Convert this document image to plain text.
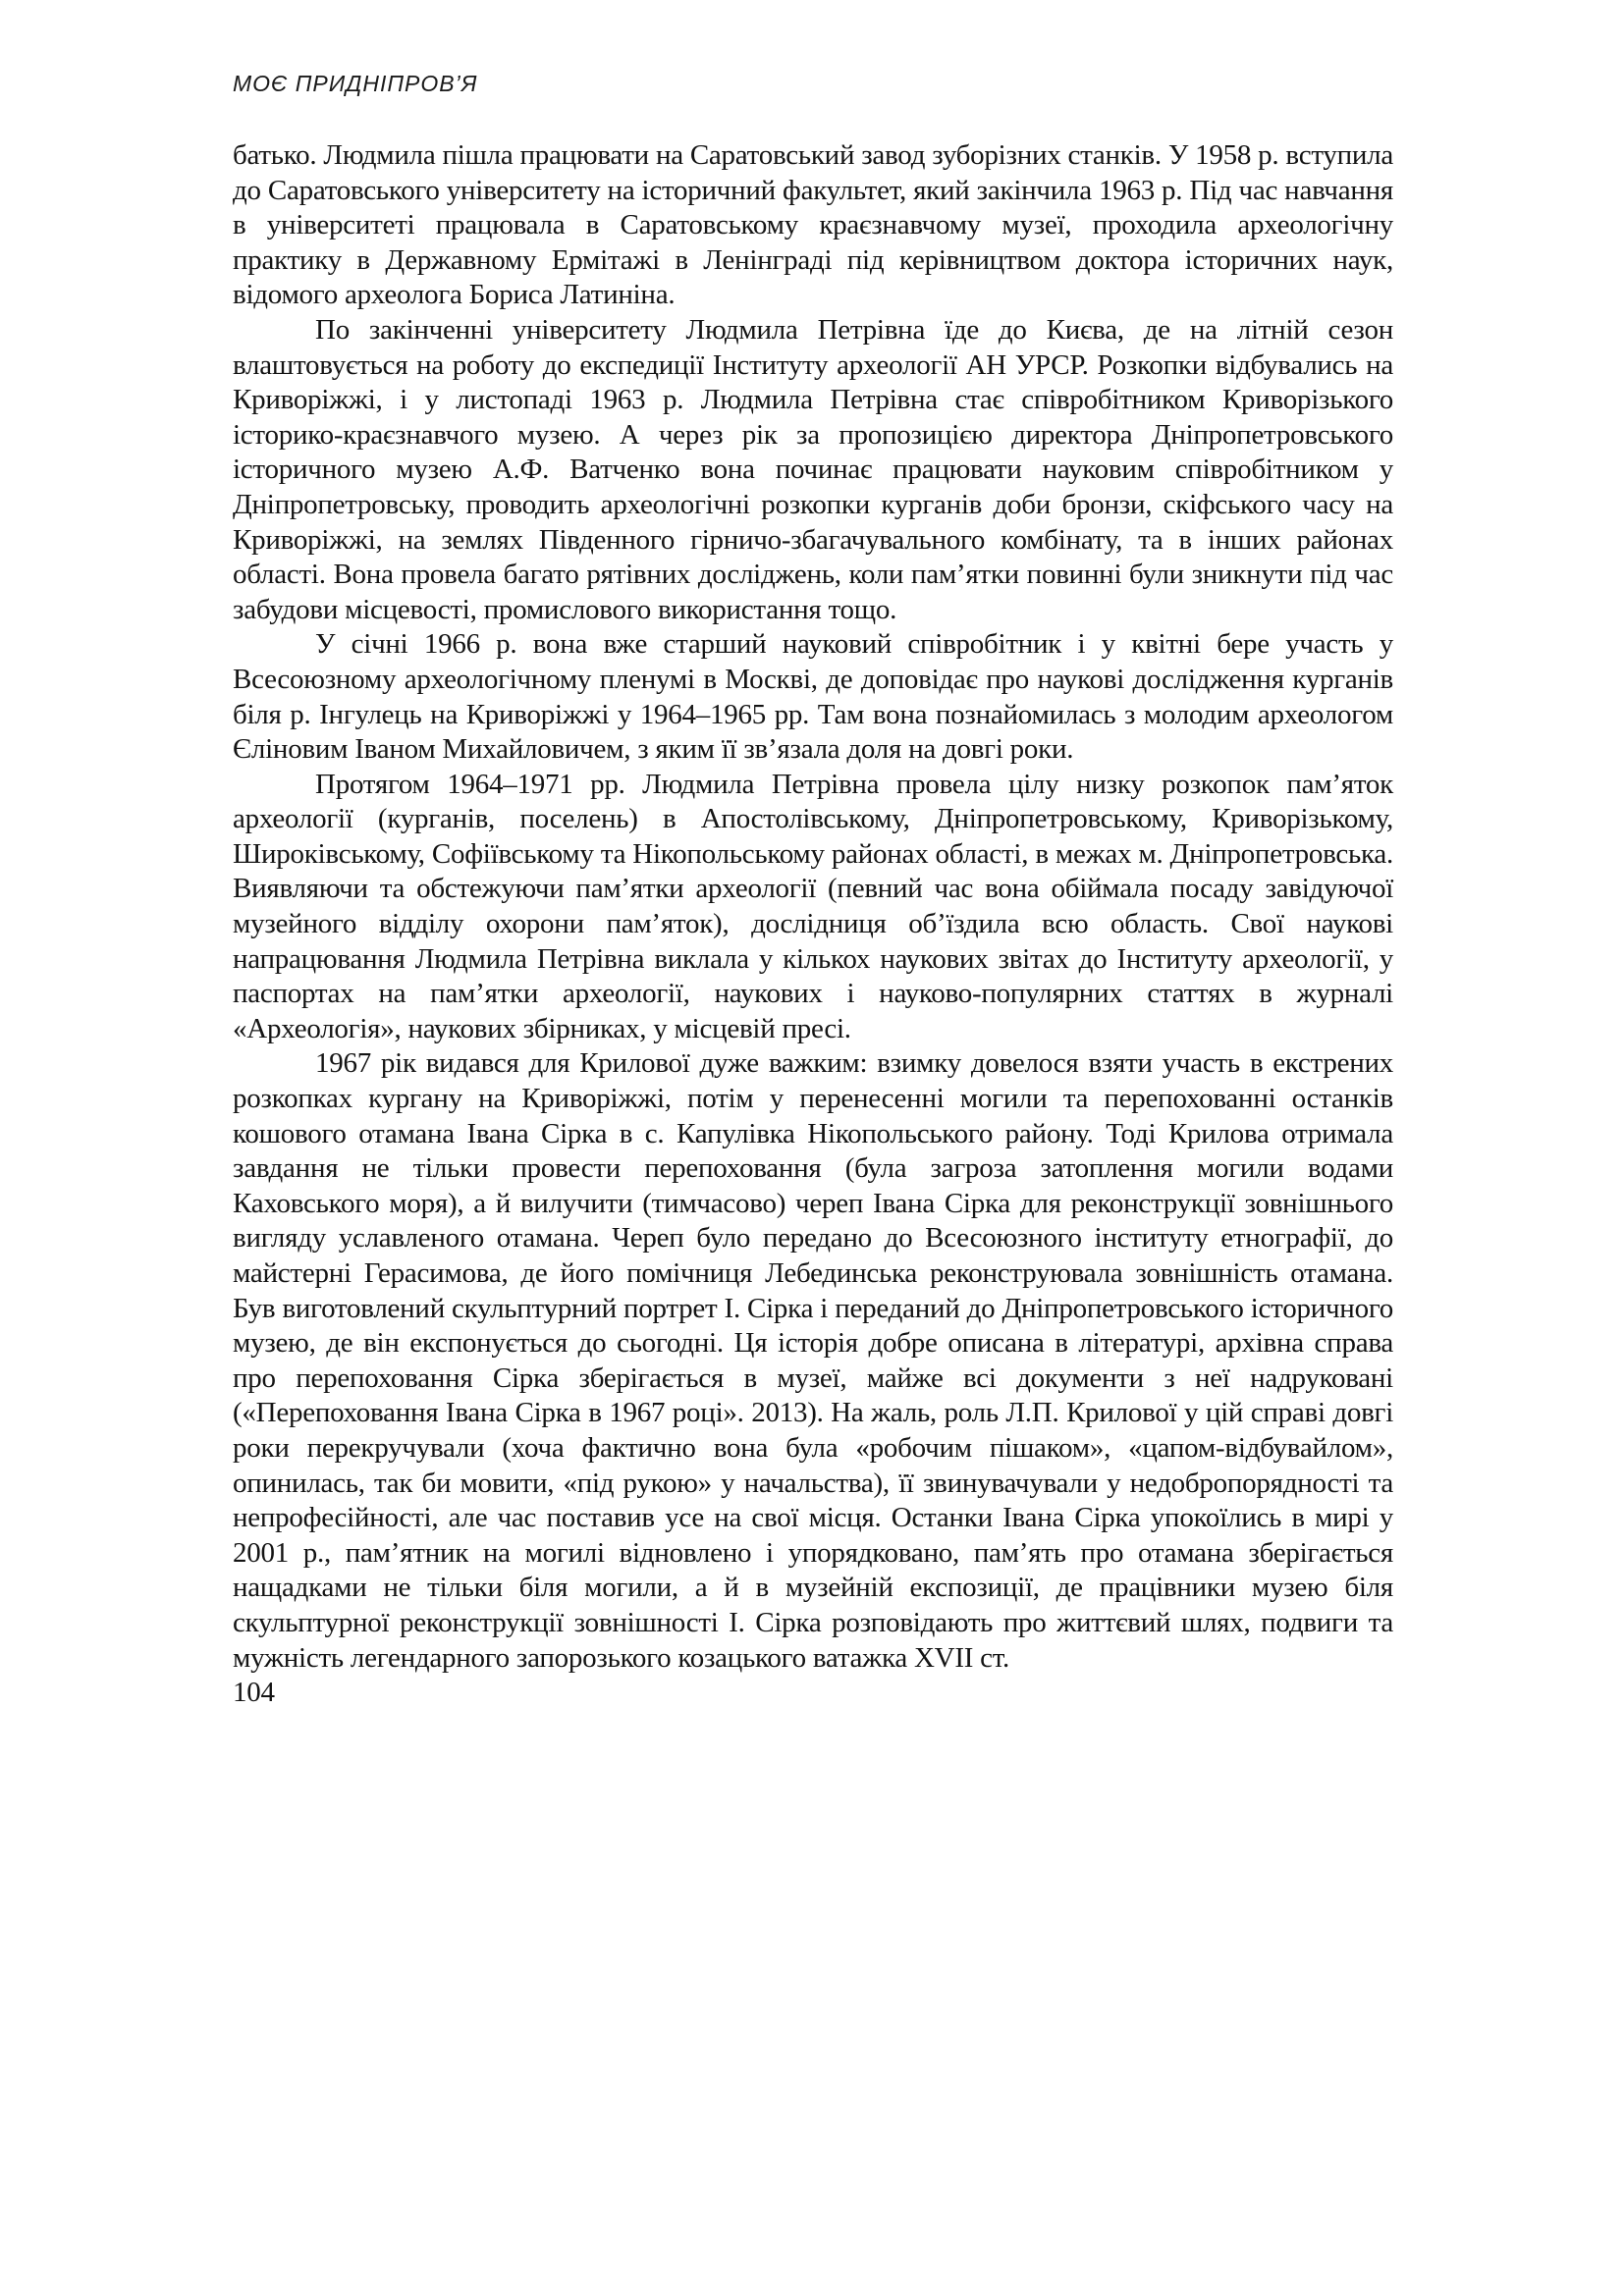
МОЄ ПРИДНІПРОВ’Я

батько. Людмила пішла працювати на Саратовський завод зуборізних станків. У 1958 р. вступила до Саратовського університету на історичний факультет, який закінчила 1963 р. Під час навчання в університеті працювала в Саратовському краєзнавчому музеї, проходила археологічну практику в Державному Ермітажі в Ленінграді під керівництвом доктора історичних наук, відомого археолога Бориса Латиніна.

По закінченні університету Людмила Петрівна їде до Києва, де на літній сезон влаштовується на роботу до експедиції Інституту археології АН УРСР. Розкопки відбувались на Криворіжжі, і у листопаді 1963 р. Людмила Петрівна стає співробітником Криворізького історико-краєзнавчого музею. А через рік за пропозицією директора Дніпропетровського історичного музею А.Ф. Ватченко вона починає працювати науковим співробітником у Дніпропетровську, проводить археологічні розкопки курганів доби бронзи, скіфського часу на Криворіжжі, на землях Південного гірничо-збагачувального комбінату, та в інших районах області. Вона провела багато рятівних досліджень, коли пам’ятки повинні були зникнути під час забудови місцевості, промислового використання тощо.

У січні 1966 р. вона вже старший науковий співробітник і у квітні бере участь у Всесоюзному археологічному пленумі в Москві, де доповідає про наукові дослідження курганів біля р. Інгулець на Криворіжжі у 1964–1965 рр. Там вона познайомилась з молодим археологом Єліновим Іваном Михайловичем, з яким її зв’язала доля на довгі роки.

Протягом 1964–1971 рр. Людмила Петрівна провела цілу низку розкопок пам’яток археології (курганів, поселень) в Апостолівському, Дніпропетровському, Криворізькому, Широківському, Софіївському та Нікопольському районах області, в межах м. Дніпропетровська. Виявляючи та обстежуючи пам’ятки археології (певний час вона обіймала посаду завідуючої музейного відділу охорони пам’яток), дослідниця об’їздила всю область. Свої наукові напрацювання Людмила Петрівна виклала у кількох наукових звітах до Інституту археології, у паспортах на пам’ятки археології, наукових і науково-популярних статтях в журналі «Археологія», наукових збірниках, у місцевій пресі.

1967 рік видався для Крилової дуже важким: взимку довелося взяти участь в екстрених розкопках кургану на Криворіжжі, потім у перенесенні могили та перепохованні останків кошового отамана Івана Сірка в с. Капулівка Нікопольського району. Тоді Крилова отримала завдання не тільки провести перепоховання (була загроза затоплення могили водами Каховського моря), а й вилучити (тимчасово) череп Івана Сірка для реконструкції зовнішнього вигляду уславленого отамана. Череп було передано до Всесоюзного інституту етнографії, до майстерні Герасимова, де його помічниця Лебединська реконструювала зовнішність отамана. Був виготовлений скульптурний портрет І. Сірка і переданий до Дніпропетровського історичного музею, де він експонується до сьогодні. Ця історія добре описана в літературі, архівна справа про перепоховання Сірка зберігається в музеї, майже всі документи з неї надруковані («Перепоховання Івана Сірка в 1967 році». 2013). На жаль, роль Л.П. Крилової у цій справі довгі роки перекручували (хоча фактично вона була «робочим пішаком», «цапом-відбувайлом», опинилась, так би мовити, «під рукою» у начальства), її звинувачували у недобропорядності та непрофесійності, але час поставив усе на свої місця. Останки Івана Сірка упокоїлись в мирі у 2001 р., пам’ятник на могилі відновлено і упорядковано, пам’ять про отамана зберігається нащадками не тільки біля могили, а й в музейній експозиції, де працівники музею біля скульптурної реконструкції зовнішності І. Сірка розповідають про життєвий шлях, подвиги та мужність легендарного запорозького козацького ватажка XVII ст.

104
